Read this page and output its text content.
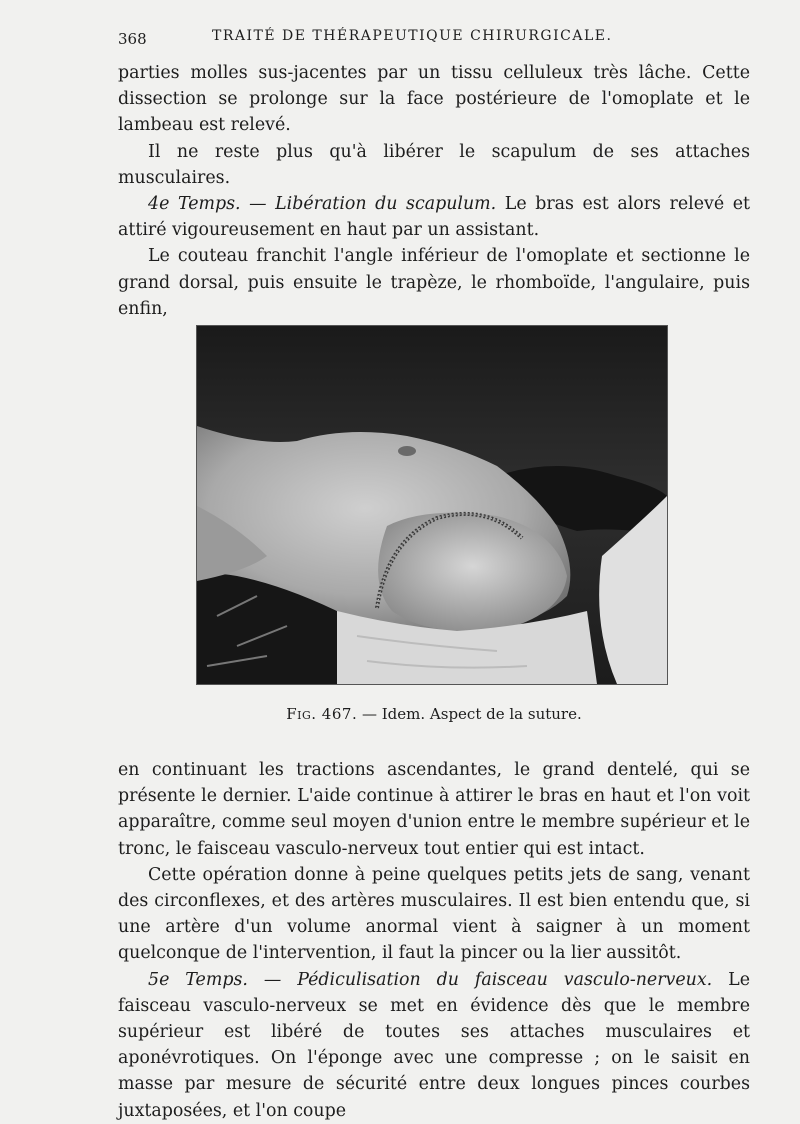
368	TRAITÉ DE THÉRAPEUTIQUE CHIRURGICALE.

parties molles sus-jacentes par un tissu celluleux très lâche. Cette dissection se prolonge sur la face postérieure de l'omoplate et le lambeau est relevé.

Il ne reste plus qu'à libérer le scapulum de ses attaches musculaires.

4e Temps. — Libération du scapulum. Le bras est alors relevé et attiré vigoureusement en haut par un assistant.

Le couteau franchit l'angle inférieur de l'omoplate et sectionne le grand dorsal, puis ensuite le trapèze, le rhomboïde, l'angulaire, puis enfin,

Fig. 467. — Idem. Aspect de la suture.

en continuant les tractions ascendantes, le grand dentelé, qui se présente le dernier. L'aide continue à attirer le bras en haut et l'on voit apparaître, comme seul moyen d'union entre le membre supérieur et le tronc, le faisceau vasculo-nerveux tout entier qui est intact.

Cette opération donne à peine quelques petits jets de sang, venant des circonflexes, et des artères musculaires. Il est bien entendu que, si une artère d'un volume anormal vient à saigner à un moment quelconque de l'intervention, il faut la pincer ou la lier aussitôt.

5e Temps. — Pédiculisation du faisceau vasculo-nerveux. Le faisceau vasculo-nerveux se met en évidence dès que le membre supérieur est libéré de toutes ses attaches musculaires et aponévrotiques. On l'éponge avec une compresse ; on le saisit en masse par mesure de sécurité entre deux longues pinces courbes juxtaposées, et l'on coupe
